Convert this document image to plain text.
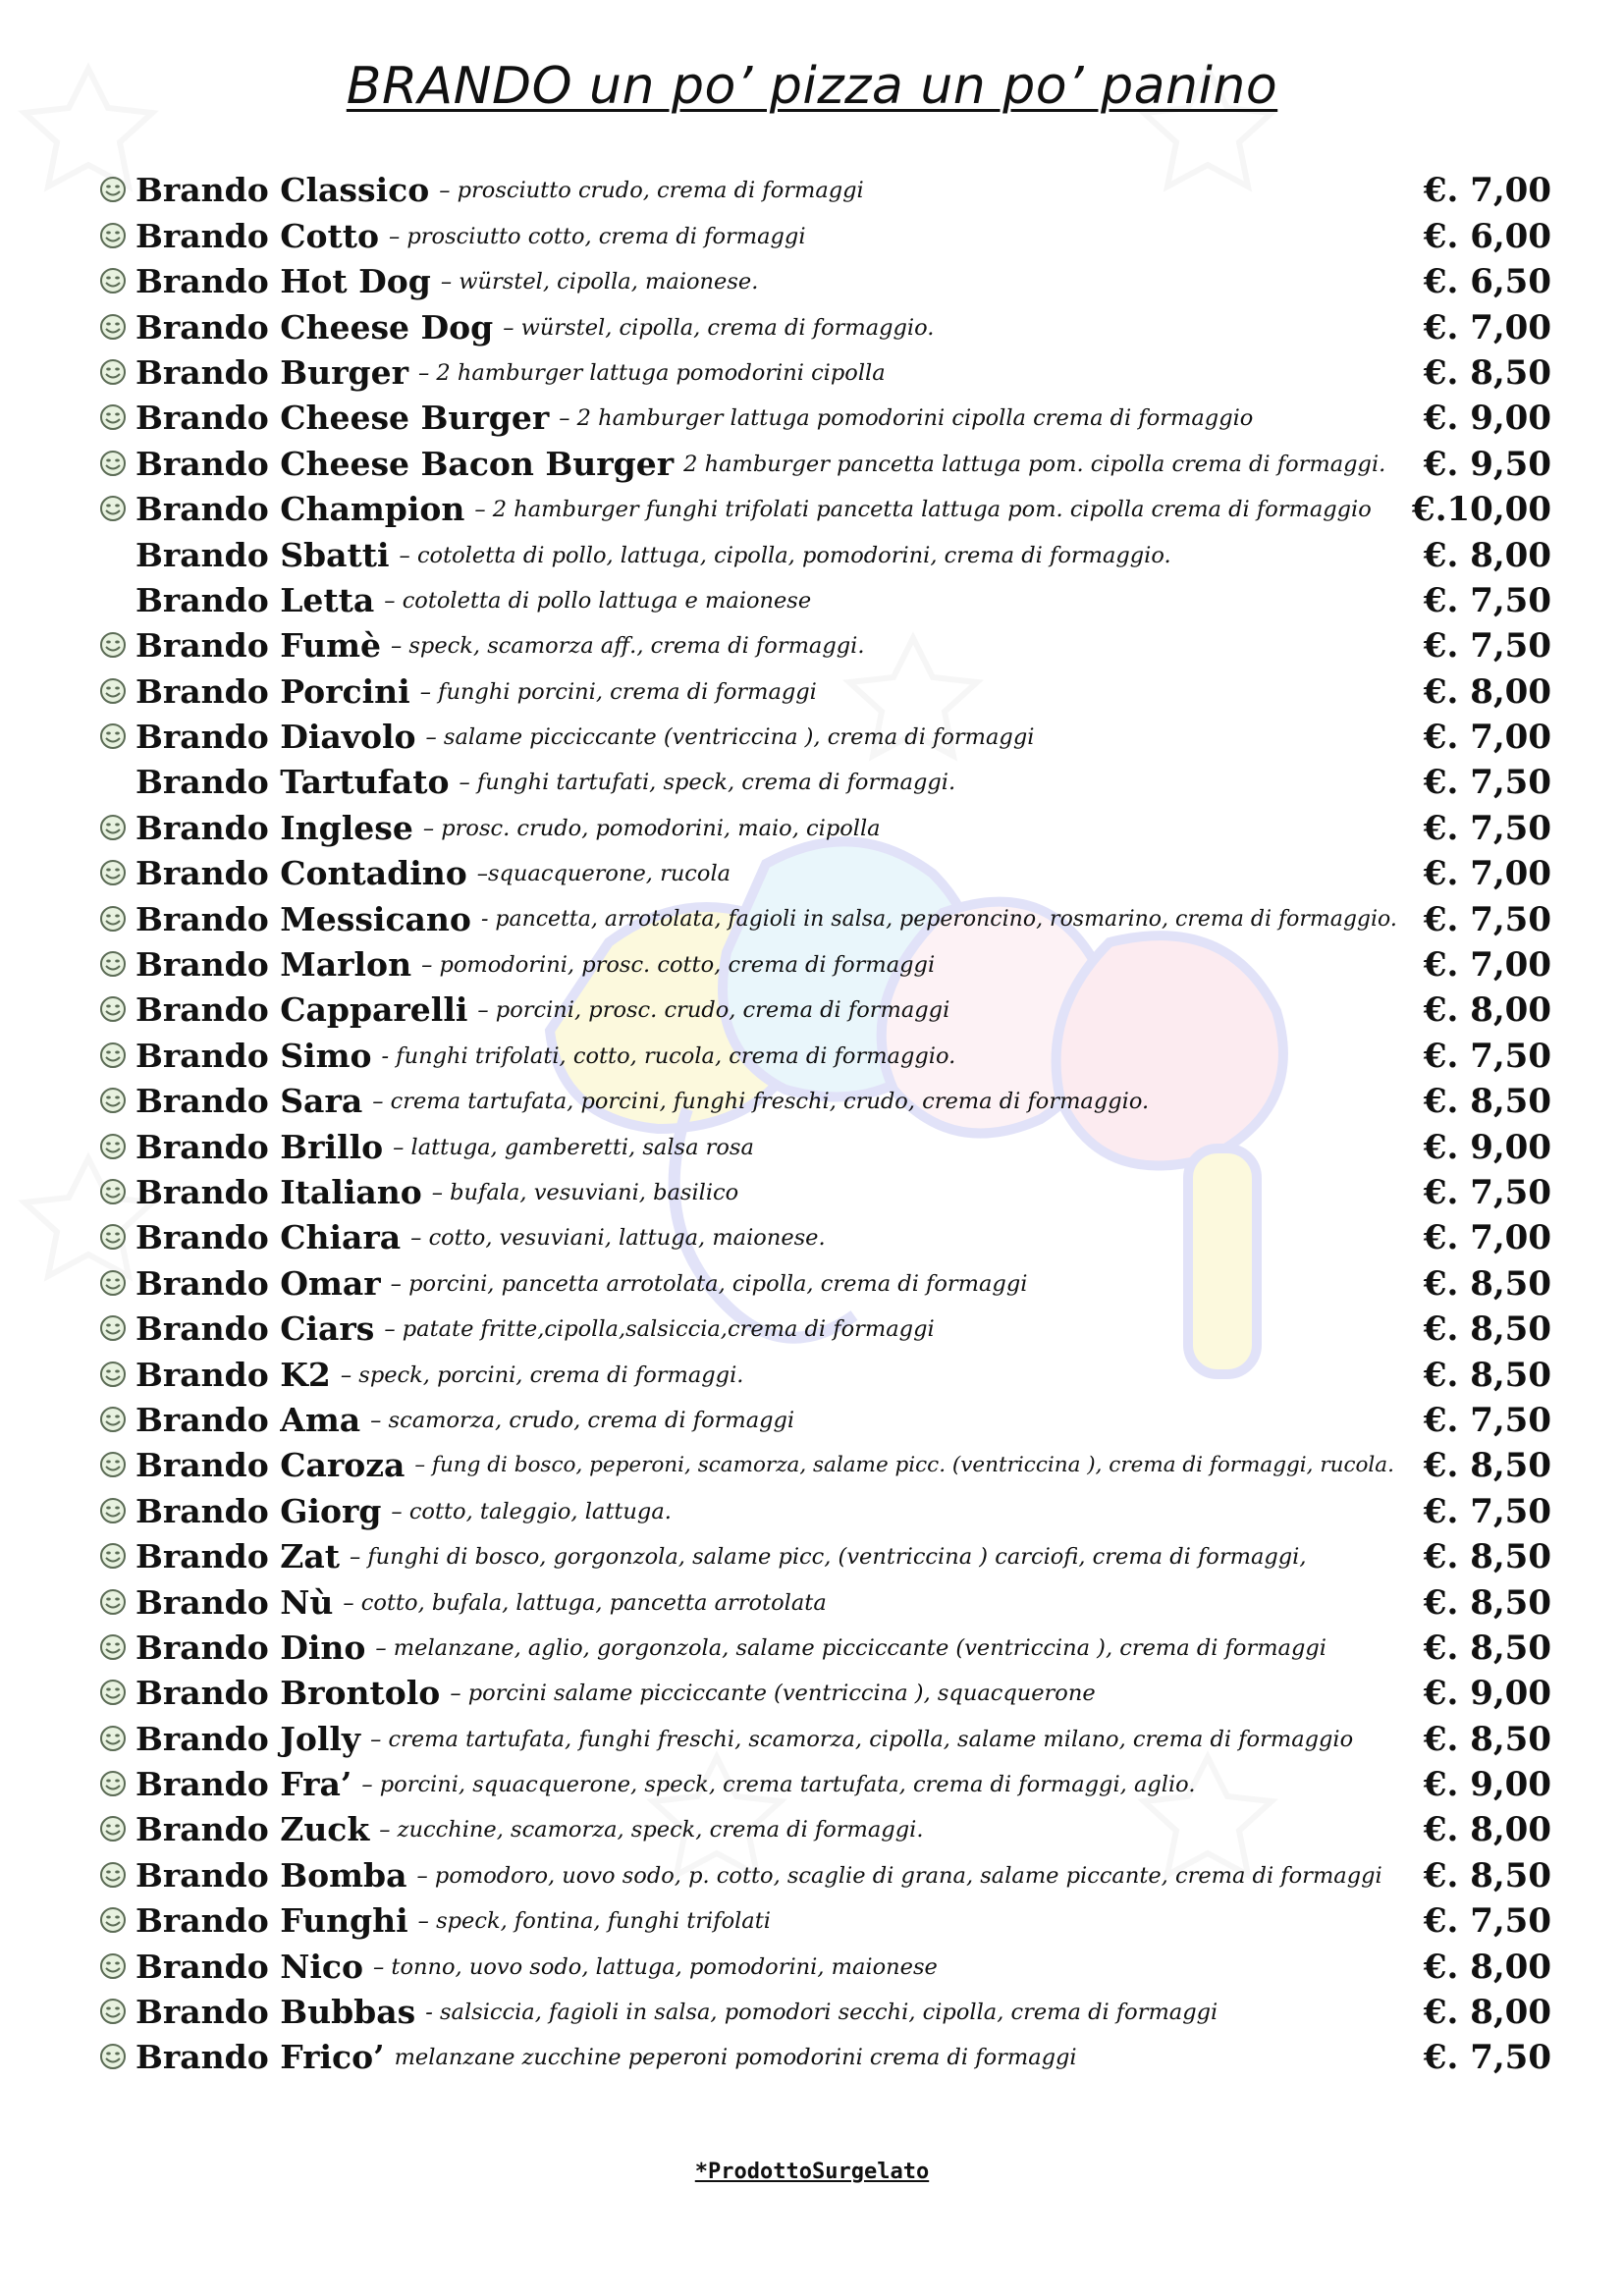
BRANDO un po’ pizza un po’ panino
Brando Classico – prosciutto crudo, crema di formaggi	€. 7,00
Brando Cotto – prosciutto cotto, crema di formaggi	€. 6,00
Brando Hot Dog – würstel, cipolla, maionese.	€. 6,50
Brando Cheese Dog – würstel, cipolla, crema di formaggio.	€. 7,00
Brando Burger – 2 hamburger lattuga pomodorini cipolla	€. 8,50
Brando Cheese Burger – 2 hamburger lattuga pomodorini cipolla crema di formaggio	€. 9,00
Brando Cheese Bacon Burger 2 hamburger pancetta lattuga pom. cipolla crema di formaggi.	€. 9,50
Brando Champion – 2 hamburger funghi trifolati pancetta lattuga pom. cipolla crema di formaggio	€.10,00
Brando Sbatti – cotoletta di pollo, lattuga, cipolla, pomodorini, crema di formaggio.	€. 8,00
Brando Letta – cotoletta di pollo lattuga e maionese	€. 7,50
Brando Fumè – speck, scamorza aff., crema di formaggi.	€. 7,50
Brando Porcini – funghi porcini, crema di formaggi	€. 8,00
Brando Diavolo – salame picciccante (ventriccina ), crema di formaggi	€. 7,00
Brando Tartufato – funghi tartufati, speck, crema di formaggi.	€. 7,50
Brando Inglese – prosc. crudo, pomodorini, maio, cipolla	€. 7,50
Brando Contadino –squacquerone, rucola	€. 7,00
Brando Messicano - pancetta, arrotolata, fagioli in salsa, peperoncino, rosmarino, crema di formaggio. €. 7,50
Brando Marlon – pomodorini, prosc. cotto, crema di formaggi	€. 7,00
Brando Capparelli – porcini, prosc. crudo, crema di formaggi	€. 8,00
Brando Simo - funghi trifolati, cotto, rucola, crema di formaggio.	€. 7,50
Brando Sara – crema tartufata, porcini, funghi freschi, crudo, crema di formaggio.	€. 8,50
Brando Brillo – lattuga, gamberetti, salsa rosa	€. 9,00
Brando Italiano – bufala, vesuviani, basilico	€. 7,50
Brando Chiara – cotto, vesuviani, lattuga, maionese.	€. 7,00
Brando Omar – porcini, pancetta arrotolata, cipolla, crema di formaggi	€. 8,50
Brando Ciars – patate fritte,cipolla,salsiccia,crema di formaggi	€. 8,50
Brando K2 – speck, porcini, crema di formaggi.	€. 8,50
Brando Ama – scamorza, crudo, crema di formaggi	€. 7,50
Brando Caroza – fung di bosco, peperoni, scamorza, salame picc. (ventriccina ), crema di formaggi, rucola. €. 8,50
Brando Giorg – cotto, taleggio, lattuga.	€. 7,50
Brando Zat – funghi di bosco, gorgonzola, salame picc, (ventriccina ) carciofi, crema di formaggi,	€. 8,50
Brando Nù – cotto, bufala, lattuga, pancetta arrotolata	€. 8,50
Brando Dino – melanzane, aglio, gorgonzola, salame picciccante (ventriccina ), crema di formaggi	€. 8,50
Brando Brontolo – porcini salame picciccante (ventriccina ), squacquerone	€. 9,00
Brando Jolly – crema tartufata, funghi freschi, scamorza, cipolla, salame milano, crema di formaggio	€. 8,50
Brando Fra’ – porcini, squacquerone, speck, crema tartufata, crema di formaggi, aglio.	€. 9,00
Brando Zuck – zucchine, scamorza, speck, crema di formaggi.	€. 8,00
Brando Bomba – pomodoro, uovo sodo, p. cotto, scaglie di grana, salame piccante, crema di formaggi	€. 8,50
Brando Funghi – speck, fontina, funghi trifolati	€. 7,50
Brando Nico – tonno, uovo sodo, lattuga, pomodorini, maionese	€. 8,00
Brando Bubbas - salsiccia, fagioli in salsa, pomodori secchi, cipolla, crema di formaggi	€. 8,00
Brando Frico’ melanzane zucchine peperoni pomodorini crema di formaggi	€. 7,50
*ProdottoSurgelato
